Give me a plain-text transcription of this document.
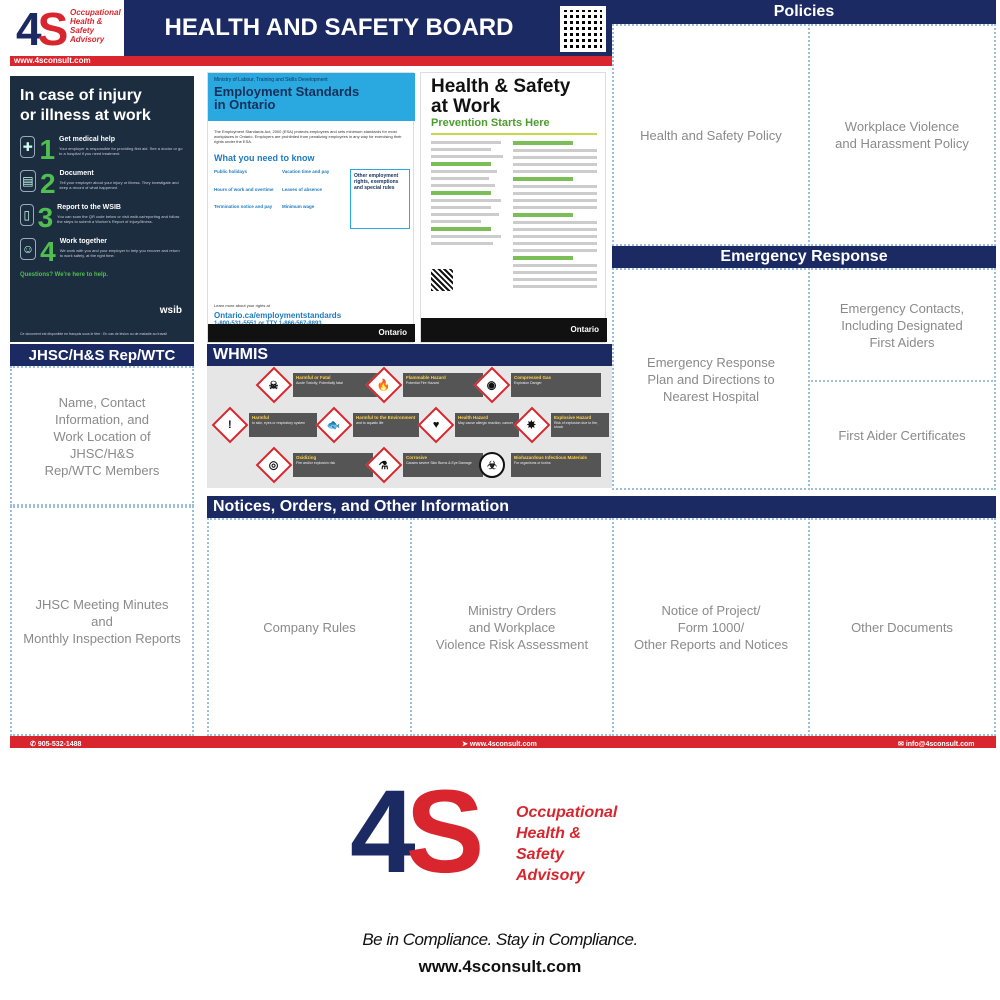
4S Occupational
Health &
Safety
Advisory	HEALTH AND SAFETY BOARD
www.4sconsult.com
Policies
Health and Safety Policy
Workplace Violence
and Harassment Policy
Emergency Response
Emergency Response
Plan and Directions to
Nearest Hospital
Emergency Contacts,
Including Designated
First Aiders
First Aider Certificates
In case of injury
or illness at work
✚ 1 Get medical help
Your employer is responsible for providing first aid. See a doctor or go to a hospital if you need treatment.
▤ 2 Document
Tell your employer about your injury or illness. They investigate and keep a record of what happened.
▯ 3 Report to the WSIB
You can scan the QR code below or visit wsib.ca/reporting and follow the steps to submit a Worker's Report of Injury/Illness.
☺ 4 Work together
We work with you and your employer to help you recover and return to work safely, at the right time.
Questions? We're here to help.
wsib
Ce document est disponible en français sous le titre : En cas de lésion ou de maladie au travail
Ministry of Labour, Training and Skills Development
Employment Standards
in Ontario
The Employment Standards Act, 2000 (ESA) protects employees and sets minimum standards for most workplaces in Ontario. Employers are prohibited from penalizing employees in any way for exercising their rights under the ESA.
What you need to know
Public holidays
Hours of work and overtime
Termination notice and pay
Vacation time and pay
Leaves of absence
Minimum wage
Other employment rights, exemptions and special rules
Learn more about your rights at
Ontario.ca/employmentstandards
Ontario
Health & Safety
at Work
Prevention Starts Here
Ontario
JHSC/H&S Rep/WTC
Name, Contact
Information, and
Work Location of
JHSC/H&S
Rep/WTC Members
JHSC Meeting Minutes
and
Monthly Inspection Reports
WHMIS
☠
Harmful or Fatal
Acute Toxicity, Potentially fatal	🔥
Flammable Hazard
Potential Fire Hazard	◉
Compressed Gas
Explosion Danger
!
Harmful
to skin, eyes or respiratory system	🐟
Harmful to the Environment
and to aquatic life	♥
Health Hazard
May cause allergic reaction, cancer ✸
Explosive Hazard
Risk of explosion due to fire, shock
◎
Oxidizing
Fire and/or explosion risk	⚗
Corrosive
Causes severe Skin Burns & Eye Damage	☣
Biohazardous Infectious Materials
For organisms or toxins
Notices, Orders, and Other Information
Company Rules
Ministry Orders
and Workplace
Violence Risk Assessment
Notice of Project/
Form 1000/
Other Reports and Notices
Other Documents
✆ 905-532-1488	➤ www.4sconsult.com	✉ info@4sconsult.com
4S	Occupational
Health &
Safety
Advisory
Be in Compliance. Stay in Compliance.
www.4sconsult.com
